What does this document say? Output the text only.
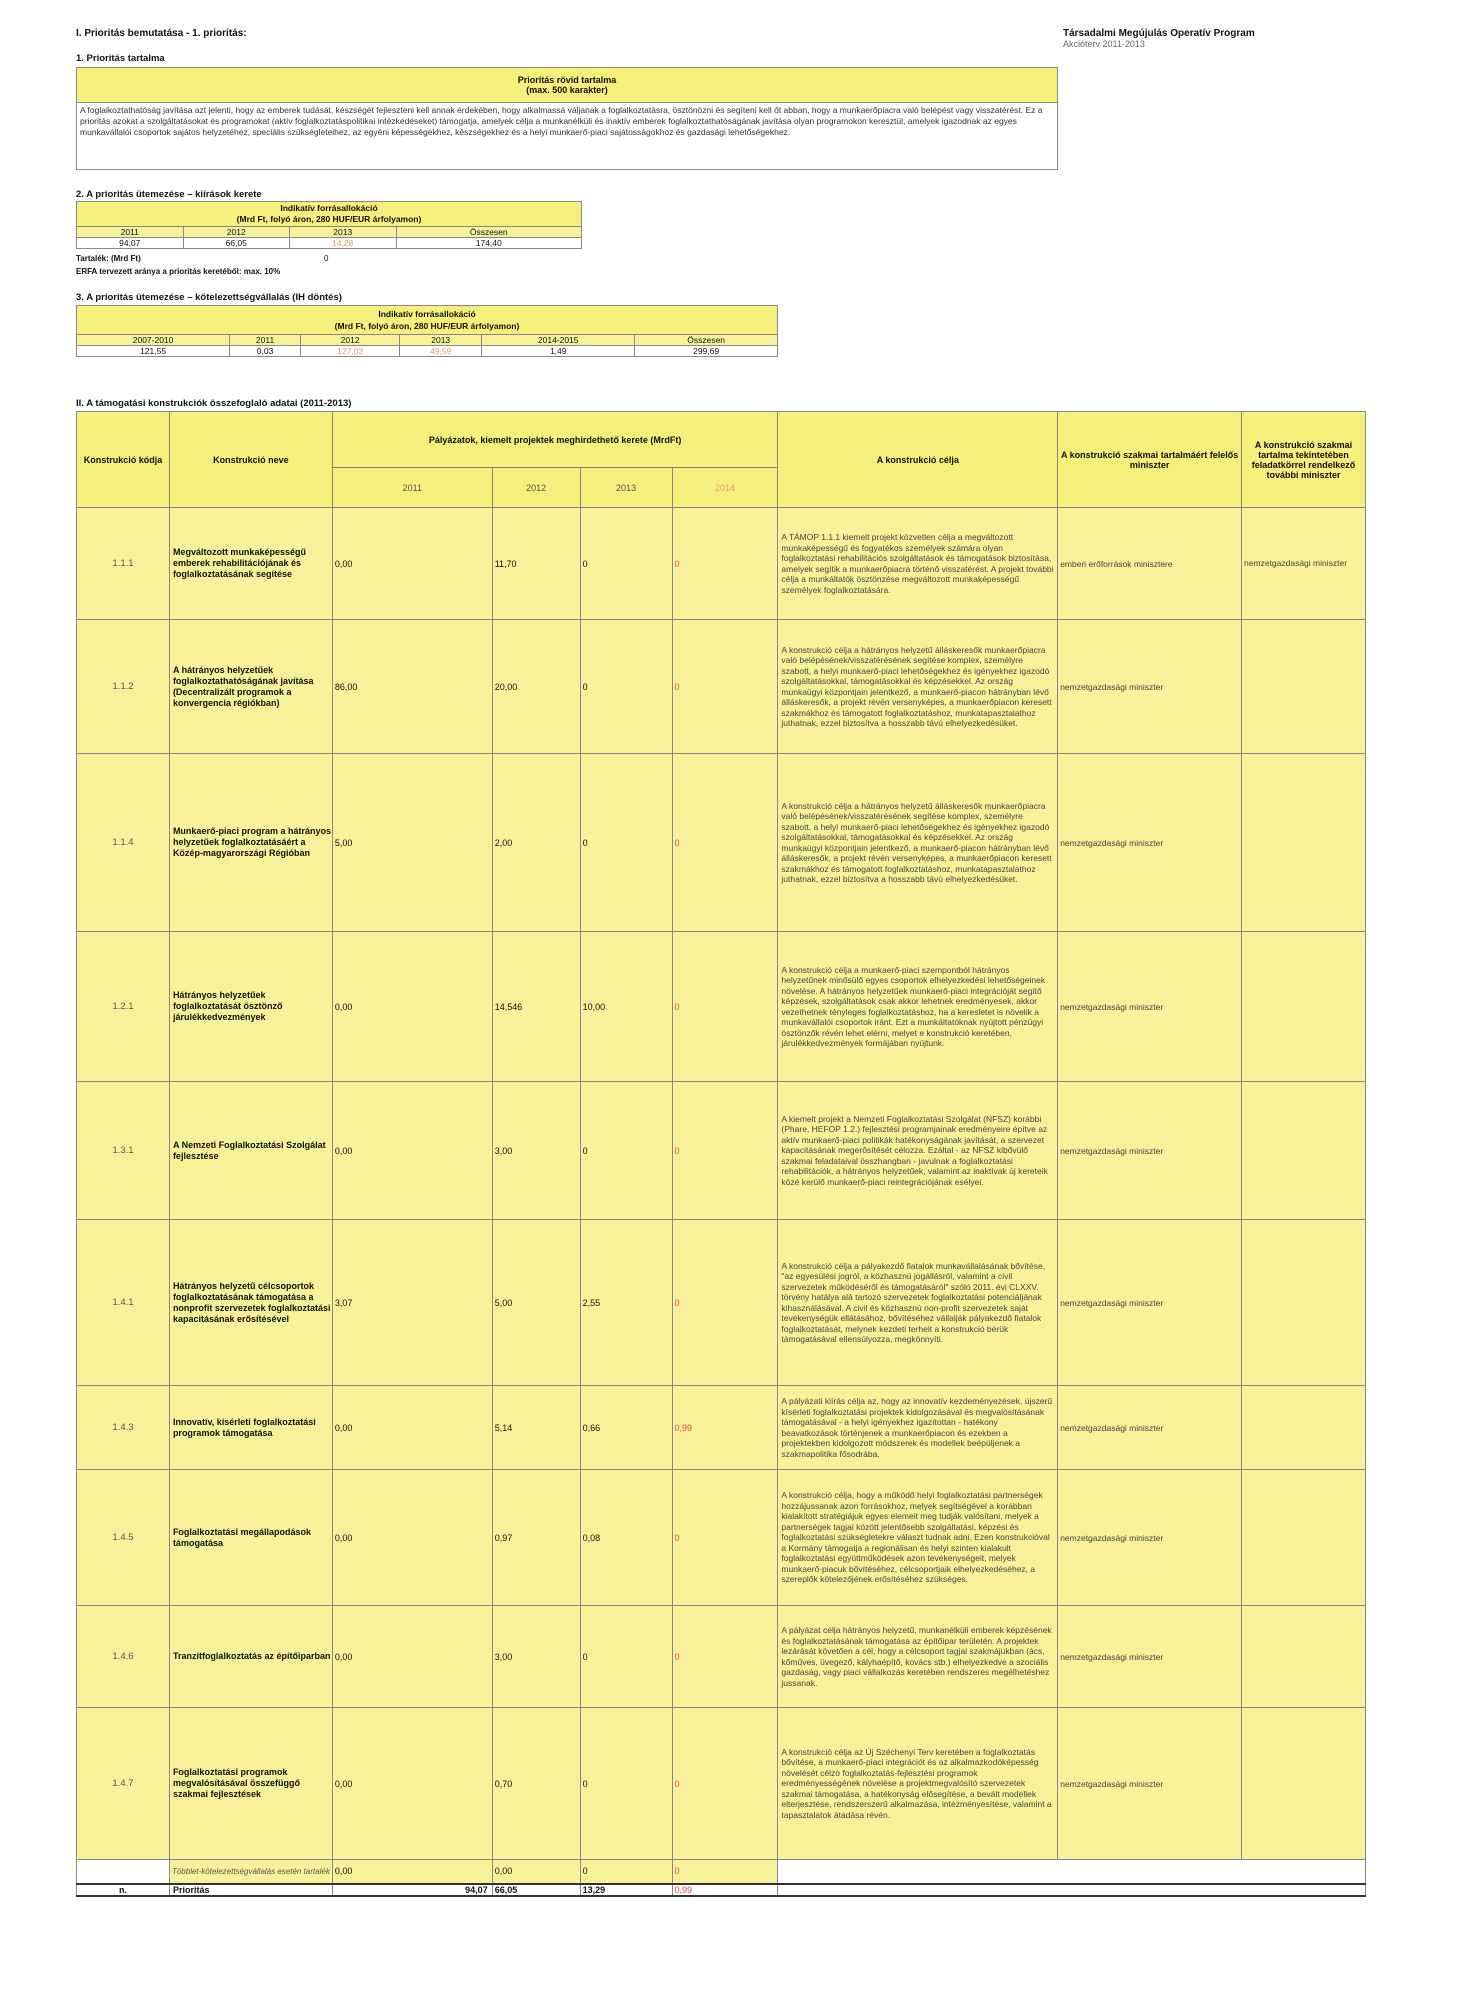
I. Prioritás bemutatása - 1. prioritás:	Társadalmi Megújulás Operatív Program
Akcióterv 2011-2013
1. Prioritás tartalma
Prioritás rövid tartalma
(max. 500 karakter)

A foglalkoztathatóság javítása azt jelenti, hogy az emberek tudását, készségét fejleszteni kell annak érdekében, hogy alkalmassá váljanak a foglalkoztatásra, ösztönözni és segíteni kell őt abban, hogy a munkaerőpiacra való belépést vagy visszatérést. Ez a prioritás azokat a szolgáltatásokat és programokat (aktív foglalkoztatáspolitikai intézkedéseket) támogatja, amelyek célja a munkanélküli és inaktív emberek foglalkoztathatóságának javítása olyan programokon keresztül, amelyek igazodnak az egyes munkavállalói csoportok sajátos helyzetéhez, speciális szükségleteihez, az egyéni képességekhez, készségekhez és a helyi munkaerő-piaci sajátosságokhoz és gazdasági lehetőségekhez.
2. A prioritás ütemezése – kiírások kerete
Indikatív forrásallokáció
(Mrd Ft, folyó áron, 280 HUF/EUR árfolyamon)			

2011	2012	2013	Összesen
94,07	66,05	14,28	174,40
Tartalék: (Mrd Ft)	0
ERFA tervezett aránya a prioritás keretéből: max. 10%
3. A prioritás ütemezése – kötelezettségvállalás (IH döntés)
Indikatív forrásallokáció
(Mrd Ft, folyó áron, 280 HUF/EUR árfolyamon)					

2007-2010	2011	2012	2013	2014-2015	Összesen
121,55	0,03	127,03	49,59	1,49	299,69
II. A támogatási konstrukciók összefoglaló adatai (2011-2013)
Konstrukció kódja	Konstrukció neve	Pályázatok, kiemelt projektek meghirdethető kerete (MrdFt)				A konstrukció célja	A konstrukció szakmai tartalmáért felelős miniszter	A konstrukció szakmai tartalma tekintetében feladatkörrel rendelkező további miniszter
		2011	2012	2013	2014			
1.1.1	Megváltozott munkaképességű emberek rehabilitációjának és foglalkoztatásának segítése	0,00	11,70	0	0	A TÁMOP 1.1.1 kiemelt projekt közvetlen célja a megváltozott munkaképességű és fogyatékos személyek számára olyan foglalkoztatási rehabilitációs szolgáltatások és támogatások biztosítása, amelyek segítik a munkaerőpiacra történő visszatérést. A projekt további célja a munkáltatók ösztönzése megváltozott munkaképességű személyek foglalkoztatására.	emberi erőforrások minisztere	nemzetgazdasági miniszter
1.1.2	A hátrányos helyzetűek foglalkoztathatóságának javítása (Decentralizált programok a konvergencia régiókban)	86,00	20,00	0	0	A konstrukció célja a hátrányos helyzetű álláskeresők munkaerőpiacra való belépésének/visszatérésének segítése komplex, személyre szabott, a helyi munkaerő-piaci lehetőségekhez és igényekhez igazodó szolgáltatásokkal, támogatásokkal és képzésekkel. Az ország munkaügyi központjain jelentkező, a munkaerő-piacon hátrányban lévő álláskeresők, a projekt révén versenyképes, a munkaerőpiacon keresett szakmákhoz és támogatott foglalkoztatáshoz, munkatapasztalathoz juthatnak, ezzel biztosítva a hosszabb távú elhelyezkedésüket.	nemzetgazdasági miniszter	
1.1.4	Munkaerő-piaci program a hátrányos helyzetűek foglalkoztatásáért a Közép-magyarországi Régióban	5,00	2,00	0	0	A konstrukció célja a hátrányos helyzetű álláskeresők munkaerőpiacra való belépésének/visszatérésének segítése komplex, személyre szabott, a helyi munkaerő-piaci lehetőségekhez és igényekhez igazodó szolgáltatásokkal, támogatásokkal és képzésekkel. Az ország munkaügyi központjain jelentkező, a munkaerő-piacon hátrányban lévő álláskeresők, a projekt révén versenyképes, a munkaerőpiacon keresett szakmákhoz és támogatott foglalkoztatáshoz, munkatapasztalathoz juthatnak, ezzel biztosítva a hosszabb távú elhelyezkedésüket.	nemzetgazdasági miniszter	
1.2.1	Hátrányos helyzetűek foglalkoztatását ösztönző járulékkedvezmények	0,00	14,546	10,00	0	A konstrukció célja a munkaerő-piaci szempontból hátrányos helyzetűnek minősülő egyes csoportok elhelyezkedési lehetőségeinek növelése. A hátrányos helyzetűek munkaerő-piaci integrációját segítő képzések, szolgáltatások csak akkor lehetnek eredményesek, akkor vezethetnek tényleges foglalkoztatáshoz, ha a keresletet is növelik a munkavállalói csoportok iránt. Ezt a munkáltatóknak nyújtott pénzügyi ösztönzők révén lehet elérni, melyet e konstrukció keretében, járulékkedvezmények formájában nyújtunk.	nemzetgazdasági miniszter	
1.3.1	A Nemzeti Foglalkoztatási Szolgálat fejlesztése	0,00	3,00	0	0	A kiemelt projekt a Nemzeti Foglalkoztatási Szolgálat (NFSZ) korábbi (Phare, HEFOP 1.2.) fejlesztési programjainak eredményeire építve az aktív munkaerő-piaci politikák hatékonyságának javítását, a szervezet kapacitásának megerősítését célozza. Ezáltal - az NFSZ kibővülő szakmai feladataival összhangban - javulnak a foglalkoztatási rehabilitációk, a hátrányos helyzetűek, valamint az inaktívak új kereteik közé kerülő munkaerő-piaci reintegrációjának esélyei.	nemzetgazdasági miniszter	
1.4.1	Hátrányos helyzetű célcsoportok foglalkoztatásának támogatása a nonprofit szervezetek foglalkoztatási kapacitásának erősítésével	3,07	5,00	2,55	0	A konstrukció célja a pályakezdő fiatalok munkavállalásának bővítése, "az egyesülési jogról, a közhasznú jogállásról, valamint a civil szervezetek működéséről és támogatásáról" szóló 2011. évi CLXXV. törvény hatálya alá tartozó szervezetek foglalkoztatási potenciáljának kihasználásával. A civil és közhasznú non-profit szervezetek saját tevékenységük ellátásához, bővítéséhez vállalják pályakezdő fiatalok foglalkoztatását, melynek kezdeti terheit a konstrukció bérük támogatásával ellensúlyozza, megkönnyíti.	nemzetgazdasági miniszter	
1.4.3	Innovatív, kísérleti foglalkoztatási programok támogatása	0,00	5,14	0,66	0,99	A pályázati kiírás célja az, hogy az innovatív kezdeményezések, újszerű kísérleti foglalkoztatási projektek kidolgozásával és megvalósításának támogatásával - a helyi igényekhez igazítottan - hatékony beavatkozások történjenek a munkaerőpiacon és ezekben a projektekben kidolgozott módszerek és modellek beépüljenek a szakmapolitika fősodrába.	nemzetgazdasági miniszter	
1.4.5	Foglalkoztatási megállapodások támogatása	0,00	0,97	0,08	0	A konstrukció célja, hogy a működő helyi foglalkoztatási partnerségek hozzájussanak azon forrásokhoz, melyek segítségével a korábban kialakított stratégiájuk egyes elemeit meg tudják valósítani, melyek a partnerségek tagjai között jelentősebb szolgáltatási, képzési és foglalkoztatási szükségletekre választ tudnak adni. Ezen konstrukcióval a Kormány támogatja a regionálisan és helyi szinten kialakult foglalkoztatási együttműködések azon tevékenységeit, melyek munkaerő-piacuk bővítéséhez, célcsoportjaik elhelyezkedéséhez, a szereplők kötelezőjének erősítéséhez szükséges.	nemzetgazdasági miniszter	
1.4.6	Tranzitfoglalkoztatás az építőiparban	0,00	3,00	0	0	A pályázat célja hátrányos helyzetű, munkanélküli emberek képzésének és foglalkoztatásának támogatása az építőipar területén. A projektek lezárását követően a cél, hogy a célcsoport tagjai szakmájukban (ács, kőműves, üvegező, kályhaépítő, kovács stb.) elhelyezkedve a szociális gazdaság, vagy piaci vállalkozás keretében rendszeres megélhetéshez jussanak.	nemzetgazdasági miniszter	
1.4.7	Foglalkoztatási programok megvalósításával összefüggő szakmai fejlesztések	0,00	0,70	0	0	A konstrukció célja az Új Széchenyi Terv keretében a foglalkoztatás bővítése, a munkaerő-piaci integrációt és az alkalmazkodóképesség növelését célzó foglalkoztatás-fejlesztési programok eredményességének növelése a projektmegvalósító szervezetek szakmai támogatása, a hatékonyság elősegítése, a bevált modellek elterjesztése, rendszerszerű alkalmazása, intézményesítése, valamint a tapasztalatok átadása révén.	nemzetgazdasági miniszter	
	Többlet-kötelezettségvállalás esetén tartalék	0,00	0,00	0	0			
n.	Prioritás	94,07	66,05	13,29	0,99			
